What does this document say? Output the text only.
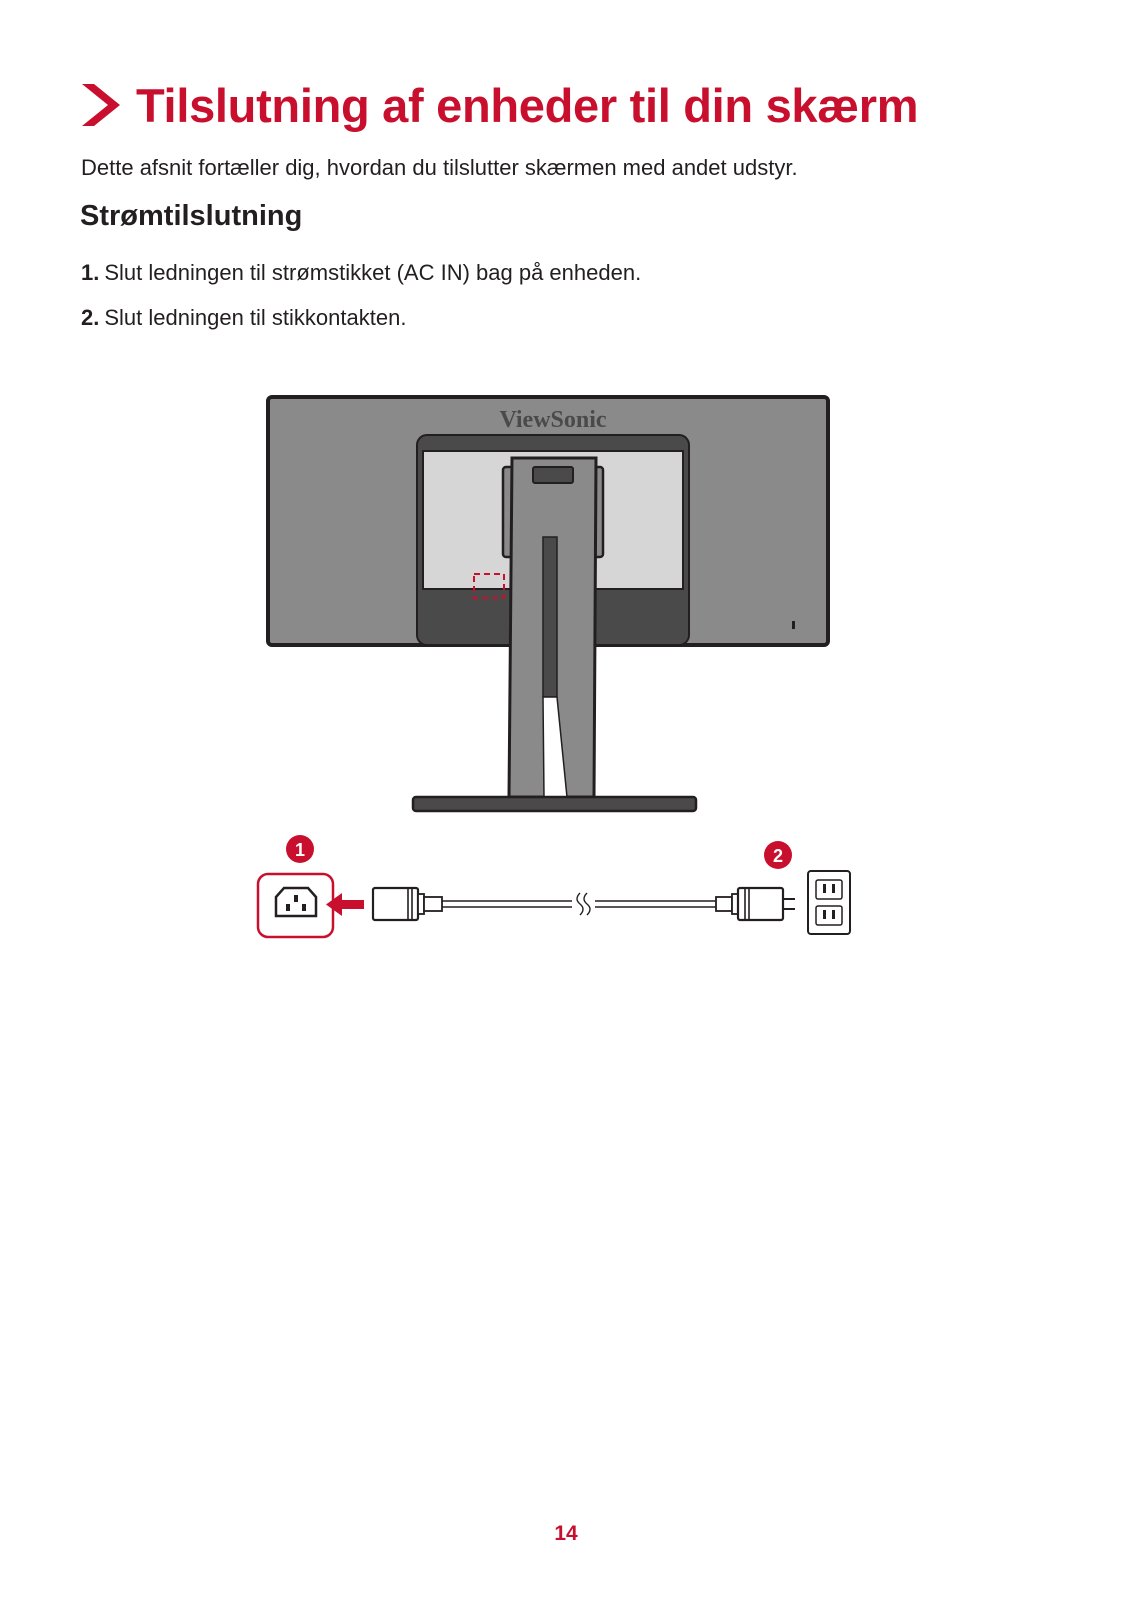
Tilslutning af enheder til din skærm
Dette afsnit fortæller dig, hvordan du tilslutter skærmen med andet udstyr.
Strømtilslutning
1. Slut ledningen til strømstikket (AC IN) bag på enheden.
2. Slut ledningen til stikkontakten.
ViewSonic
1	2
14
